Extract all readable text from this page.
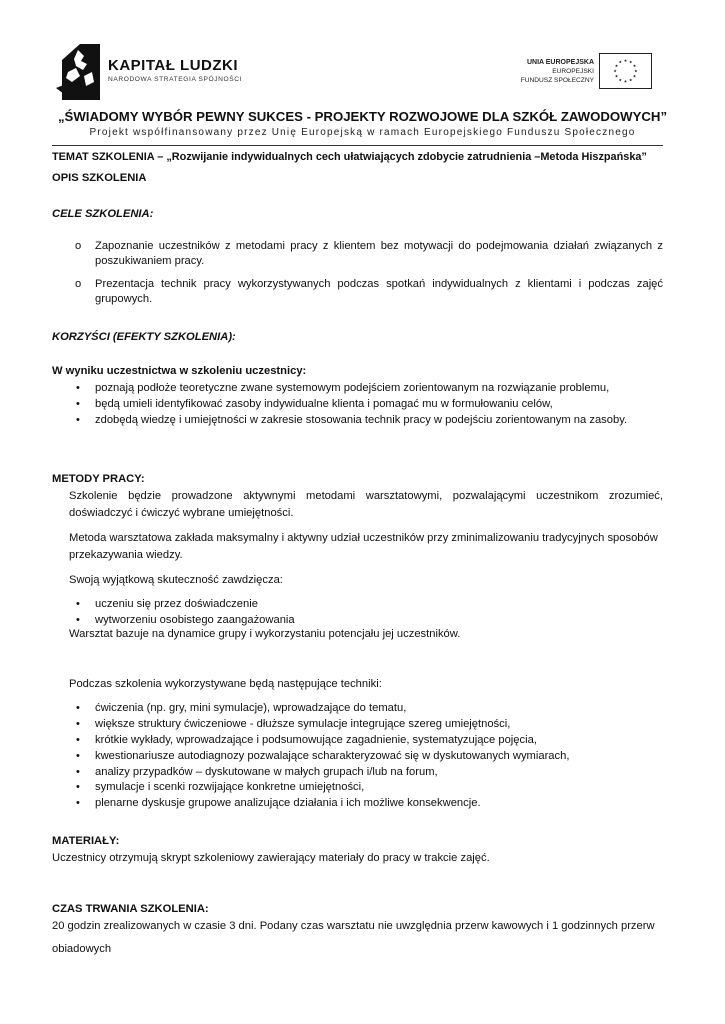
KAPITAŁ LUDZKI
NARODOWA STRATEGIA SPÓJNOŚCI
UNIA EUROPEJSKA
EUROPEJSKI
FUNDUSZ SPOŁECZNY
„ŚWIADOMY WYBÓR PEWNY SUKCES - PROJEKTY ROZWOJOWE DLA SZKÓŁ ZAWODOWYCH”
Projekt współfinansowany przez Unię Europejską w ramach Europejskiego Funduszu Społecznego
TEMAT SZKOLENIA – „Rozwijanie indywidualnych cech ułatwiających zdobycie zatrudnienia –Metoda Hiszpańska”
OPIS SZKOLENIA
CELE SZKOLENIA:
o Zapoznanie uczestników z metodami pracy z klientem bez motywacji do podejmowania działań związanych z
poszukiwaniem pracy.
o Prezentacja technik pracy wykorzystywanych podczas spotkań indywidualnych z klientami i podczas zajęć
grupowych.
KORZYŚCI (EFEKTY SZKOLENIA):
W wyniku uczestnictwa w szkoleniu uczestnicy:
• poznają podłoże teoretyczne zwane systemowym podejściem zorientowanym na rozwiązanie problemu,
• będą umieli identyfikować zasoby indywidualne klienta i pomagać mu w formułowaniu celów,
• zdobędą wiedzę i umiejętności w zakresie stosowania technik pracy w podejściu zorientowanym na zasoby.
METODY PRACY:
Szkolenie będzie prowadzone aktywnymi metodami warsztatowymi, pozwalającymi uczestnikom zrozumieć,
doświadczyć i ćwiczyć wybrane umiejętności.
Metoda warsztatowa zakłada maksymalny i aktywny udział uczestników przy zminimalizowaniu tradycyjnych sposobów
przekazywania wiedzy.
Swoją wyjątkową skuteczność zawdzięcza:
• uczeniu się przez doświadczenie
• wytworzeniu osobistego zaangażowania
Warsztat bazuje na dynamice grupy i wykorzystaniu potencjału jej uczestników.
Podczas szkolenia wykorzystywane będą następujące techniki:
• ćwiczenia (np. gry, mini symulacje), wprowadzające do tematu,
• większe struktury ćwiczeniowe - dłuższe symulacje integrujące szereg umiejętności,
• krótkie wykłady, wprowadzające i podsumowujące zagadnienie, systematyzujące pojęcia,
• kwestionariusze autodiagnozy pozwalające scharakteryzować się w dyskutowanych wymiarach,
• analizy przypadków – dyskutowane w małych grupach i/lub na forum,
• symulacje i scenki rozwijające konkretne umiejętności,
• plenarne dyskusje grupowe analizujące działania i ich możliwe konsekwencje.
MATERIAŁY:
Uczestnicy otrzymują skrypt szkoleniowy zawierający materiały do pracy w trakcie zajęć.
CZAS TRWANIA SZKOLENIA:
20 godzin zrealizowanych w czasie 3 dni. Podany czas warsztatu nie uwzględnia przerw kawowych i 1 godzinnych przerw
obiadowych
